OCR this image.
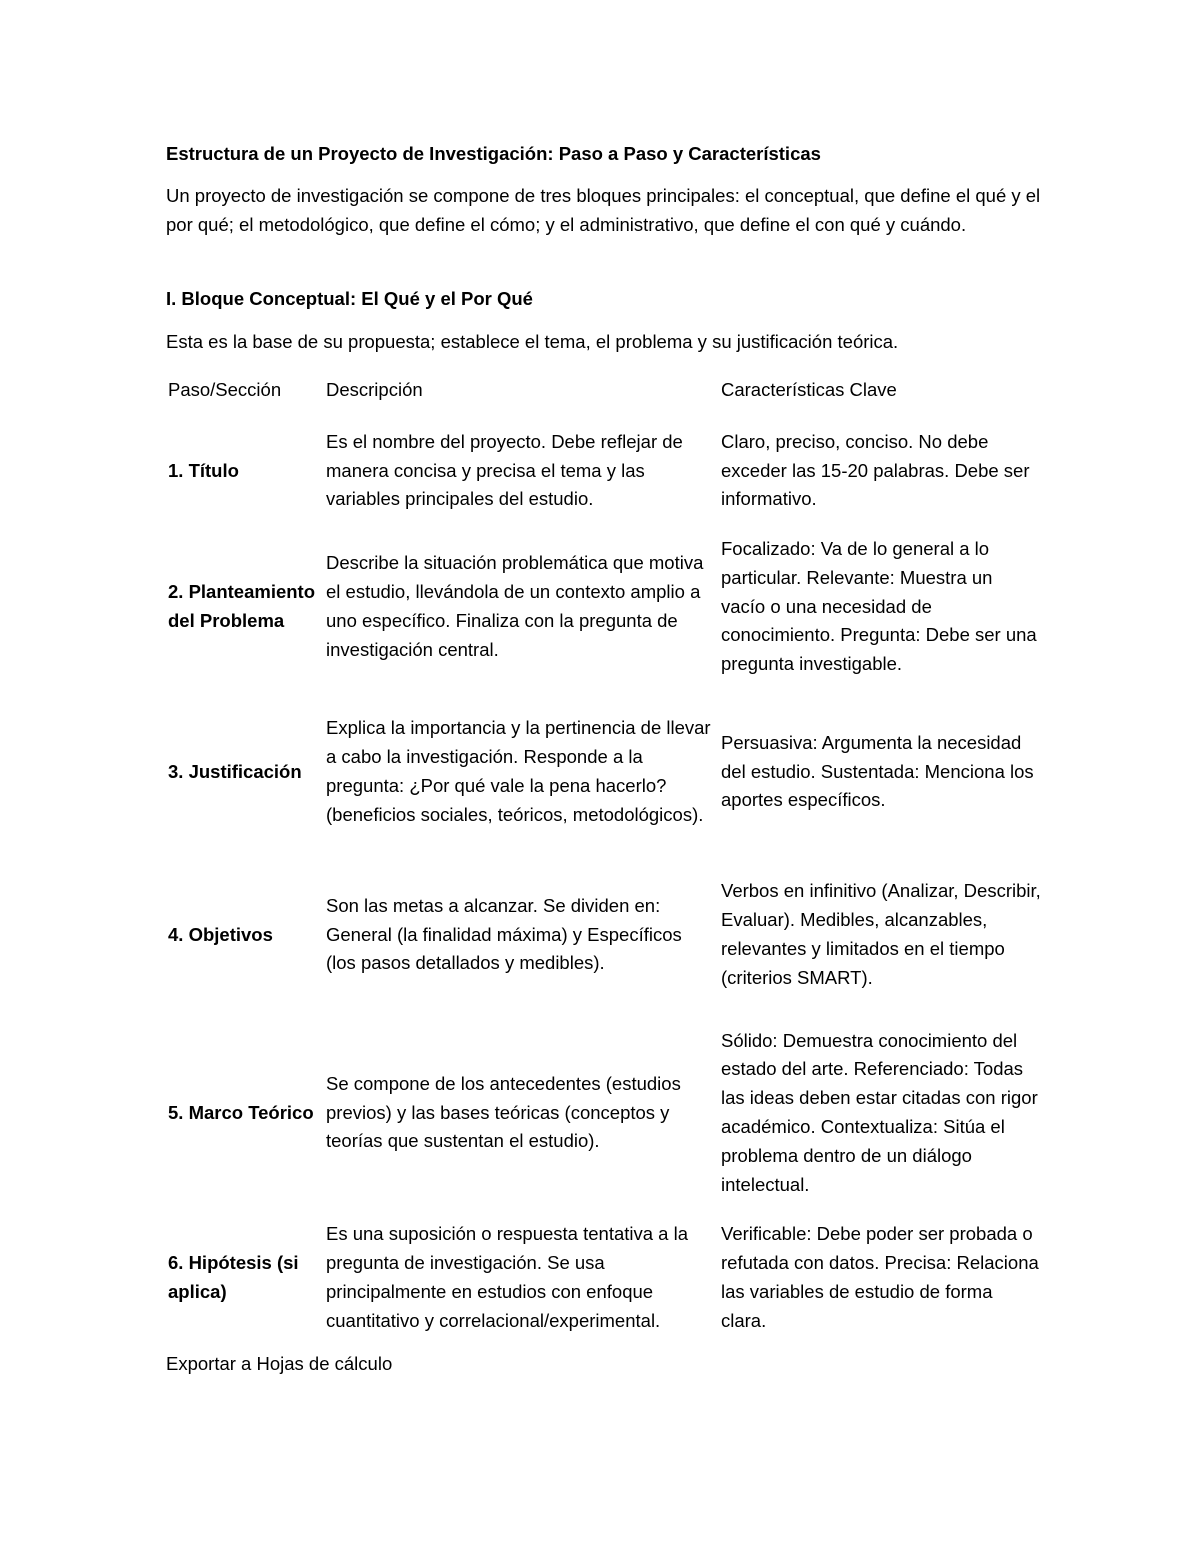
Estructura de un Proyecto de Investigación: Paso a Paso y Características
Un proyecto de investigación se compone de tres bloques principales: el conceptual, que define el qué y el por qué; el metodológico, que define el cómo; y el administrativo, que define el con qué y cuándo.
I. Bloque Conceptual: El Qué y el Por Qué
Esta es la base de su propuesta; establece el tema, el problema y su justificación teórica.
Paso/Sección	Descripción	Características Clave
1. Título
Es el nombre del proyecto. Debe reflejar de manera concisa y precisa el tema y las variables principales del estudio.
Claro, preciso, conciso. No debe exceder las 15-20 palabras. Debe ser informativo.
2. Planteamiento del Problema
Describe la situación problemática que motiva el estudio, llevándola de un contexto amplio a uno específico. Finaliza con la pregunta de investigación central.
Focalizado: Va de lo general a lo particular. Relevante: Muestra un vacío o una necesidad de conocimiento. Pregunta: Debe ser una pregunta investigable.
3. Justificación
Explica la importancia y la pertinencia de llevar a cabo la investigación. Responde a la pregunta: ¿Por qué vale la pena hacerlo? (beneficios sociales, teóricos, metodológicos).
Persuasiva: Argumenta la necesidad del estudio. Sustentada: Menciona los aportes específicos.
4. Objetivos
Son las metas a alcanzar. Se dividen en: General (la finalidad máxima) y Específicos (los pasos detallados y medibles).
Verbos en infinitivo (Analizar, Describir, Evaluar). Medibles, alcanzables, relevantes y limitados en el tiempo (criterios SMART).
5. Marco Teórico
Se compone de los antecedentes (estudios previos) y las bases teóricas (conceptos y teorías que sustentan el estudio).
Sólido: Demuestra conocimiento del estado del arte. Referenciado: Todas las ideas deben estar citadas con rigor académico. Contextualiza: Sitúa el problema dentro de un diálogo intelectual.
6. Hipótesis (si aplica)
Es una suposición o respuesta tentativa a la pregunta de investigación. Se usa principalmente en estudios con enfoque cuantitativo y correlacional/experimental.
Verificable: Debe poder ser probada o refutada con datos. Precisa: Relaciona las variables de estudio de forma clara.
Exportar a Hojas de cálculo
